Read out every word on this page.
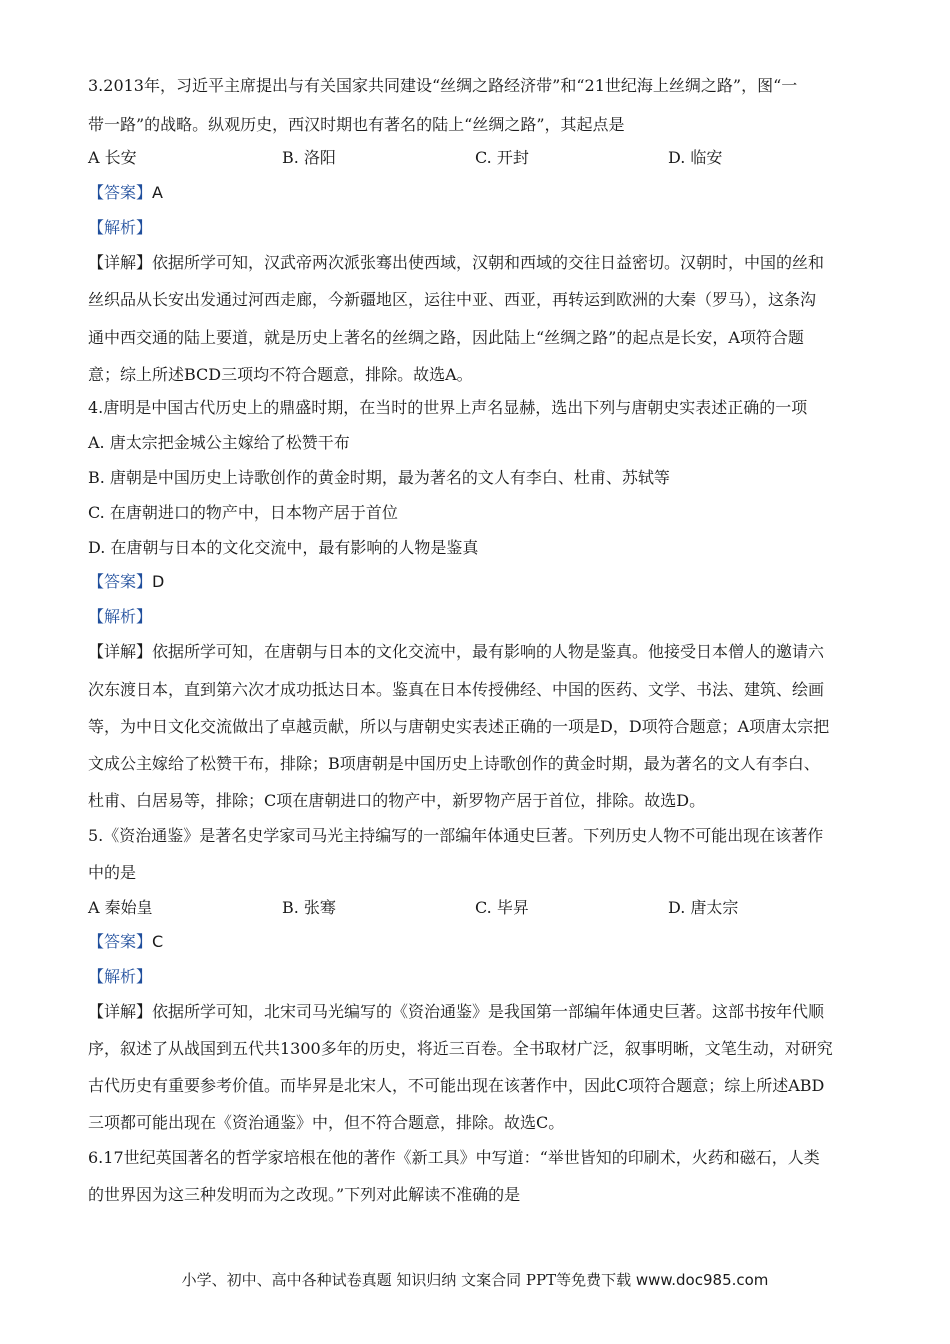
3.2013年，习近平主席提出与有关国家共同建设“丝绸之路经济带”和“21世纪海上丝绸之路”，图“一
带一路”的战略。纵观历史，西汉时期也有著名的陆上“丝绸之路”，其起点是
A 长安	B. 洛阳	C. 开封	D. 临安
【答案】A
【解析】
【详解】依据所学可知，汉武帝两次派张骞出使西域，汉朝和西域的交往日益密切。汉朝时，中国的丝和
丝织品从长安出发通过河西走廊，今新疆地区，运往中亚、西亚，再转运到欧洲的大秦（罗马），这条沟
通中西交通的陆上要道，就是历史上著名的丝绸之路，因此陆上“丝绸之路”的起点是长安，A项符合题
意；综上所述BCD三项均不符合题意，排除。故选A。
4.唐明是中国古代历史上的鼎盛时期，在当时的世界上声名显赫，选出下列与唐朝史实表述正确的一项
A. 唐太宗把金城公主嫁给了松赞干布
B. 唐朝是中国历史上诗歌创作的黄金时期，最为著名的文人有李白、杜甫、苏轼等
C. 在唐朝进口的物产中，日本物产居于首位
D. 在唐朝与日本的文化交流中，最有影响的人物是鉴真
【答案】D
【解析】
【详解】依据所学可知，在唐朝与日本的文化交流中，最有影响的人物是鉴真。他接受日本僧人的邀请六
次东渡日本，直到第六次才成功抵达日本。鉴真在日本传授佛经、中国的医药、文学、书法、建筑、绘画
等，为中日文化交流做出了卓越贡献，所以与唐朝史实表述正确的一项是D，D项符合题意；A项唐太宗把
文成公主嫁给了松赞干布，排除；B项唐朝是中国历史上诗歌创作的黄金时期，最为著名的文人有李白、
杜甫、白居易等，排除；C项在唐朝进口的物产中，新罗物产居于首位，排除。故选D。
5.《资治通鉴》是著名史学家司马光主持编写的一部编年体通史巨著。下列历史人物不可能出现在该著作
中的是
A 秦始皇	B. 张骞	C. 毕昇	D. 唐太宗
【答案】C
【解析】
【详解】依据所学可知，北宋司马光编写的《资治通鉴》是我国第一部编年体通史巨著。这部书按年代顺
序，叙述了从战国到五代共1300多年的历史，将近三百卷。全书取材广泛，叙事明晰，文笔生动，对研究
古代历史有重要参考价值。而毕昇是北宋人，不可能出现在该著作中，因此C项符合题意；综上所述ABD
三项都可能出现在《资治通鉴》中，但不符合题意，排除。故选C。
6.17世纪英国著名的哲学家培根在他的著作《新工具》中写道：“举世皆知的印刷术，火药和磁石，人类
的世界因为这三种发明而为之改现。”下列对此解读不准确的是
小学、初中、高中各种试卷真题 知识归纳 文案合同 PPT等免费下载 www.doc985.com
